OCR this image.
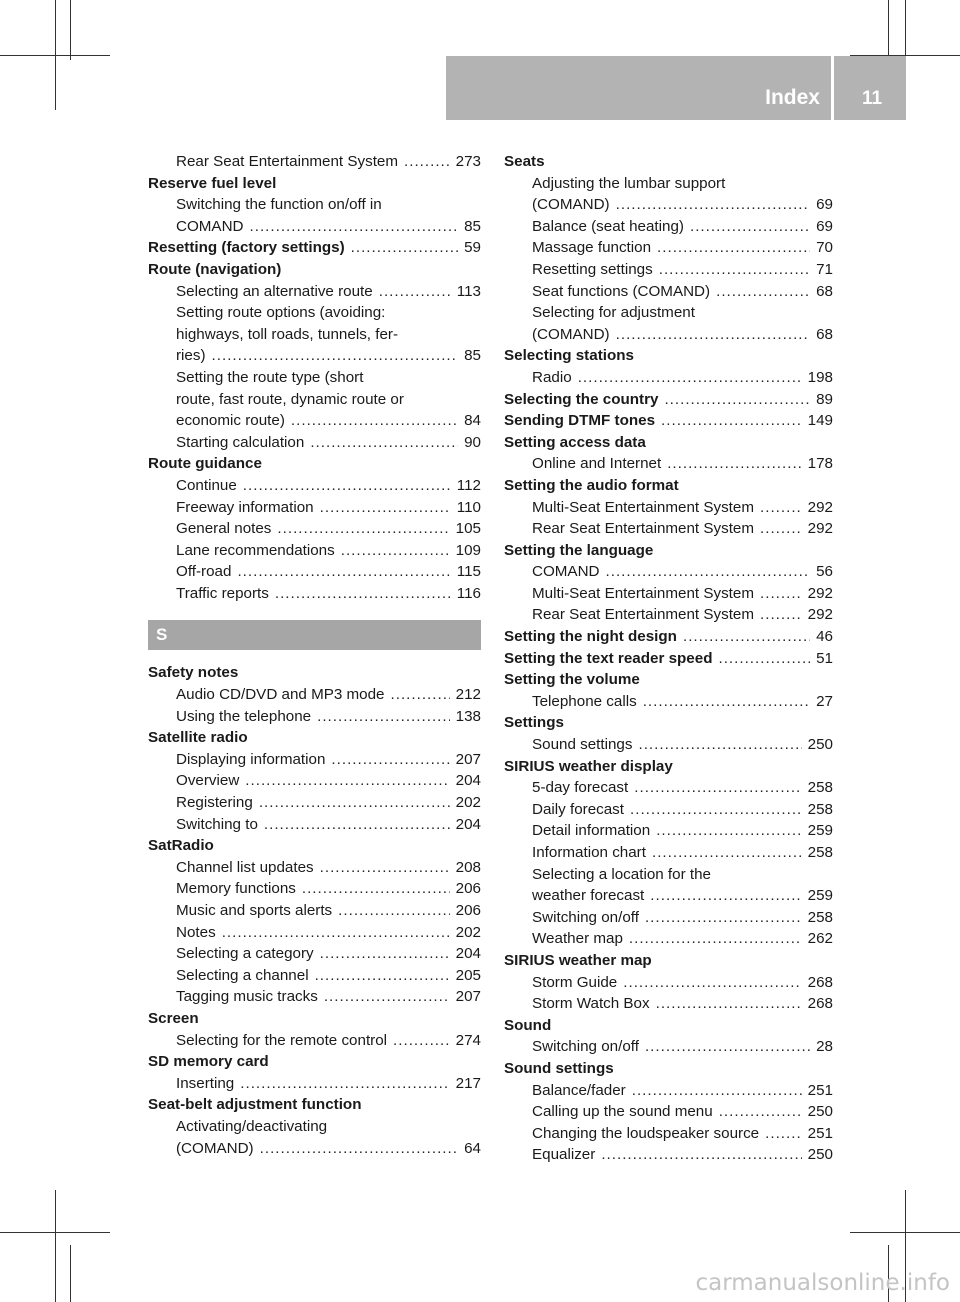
Index	11
Rear Seat Entertainment System .....	273
Reserve fuel level
Switching the function on/off in
COMAND .....	85
Resetting (factory settings) .....	59
Route (navigation)
Selecting an alternative route .....	113
Setting route options (avoiding:
highways, toll roads, tunnels, fer-
ries) .....	85
Setting the route type (short
route, fast route, dynamic route or
economic route) .....	84
Starting calculation .....	90
Route guidance
Continue .....	112
Freeway information .....	110
General notes .....	105
Lane recommendations .....	109
Off-road .....	115
Traffic reports .....	116
S
Safety notes
Audio CD/DVD and MP3 mode .....	212
Using the telephone .....	138
Satellite radio
Displaying information .....	207
Overview .....	204
Registering .....	202
Switching to .....	204
SatRadio
Channel list updates .....	208
Memory functions .....	206
Music and sports alerts .....	206
Notes .....	202
Selecting a category .....	204
Selecting a channel .....	205
Tagging music tracks .....	207
Screen
Selecting for the remote control .....	274
SD memory card
Inserting .....	217
Seat-belt adjustment function
Activating/deactivating
(COMAND) .....	64
Seats
Adjusting the lumbar support
(COMAND) .....	69
Balance (seat heating) .....	69
Massage function .....	70
Resetting settings .....	71
Seat functions (COMAND) .....	68
Selecting for adjustment
(COMAND) .....	68
Selecting stations
Radio .....	198
Selecting the country .....	89
Sending DTMF tones .....	149
Setting access data
Online and Internet .....	178
Setting the audio format
Multi-Seat Entertainment System .....	292
Rear Seat Entertainment System .....	292
Setting the language
COMAND .....	56
Multi-Seat Entertainment System .....	292
Rear Seat Entertainment System .....	292
Setting the night design .....	46
Setting the text reader speed .....	51
Setting the volume
Telephone calls .....	27
Settings
Sound settings .....	250
SIRIUS weather display
5-day forecast .....	258
Daily forecast .....	258
Detail information .....	259
Information chart .....	258
Selecting a location for the
weather forecast .....	259
Switching on/off .....	258
Weather map .....	262
SIRIUS weather map
Storm Guide .....	268
Storm Watch Box .....	268
Sound
Switching on/off .....	28
Sound settings
Balance/fader .....	251
Calling up the sound menu .....	250
Changing the loudspeaker source .....	251
Equalizer .....	250
carmanualsonline.info
